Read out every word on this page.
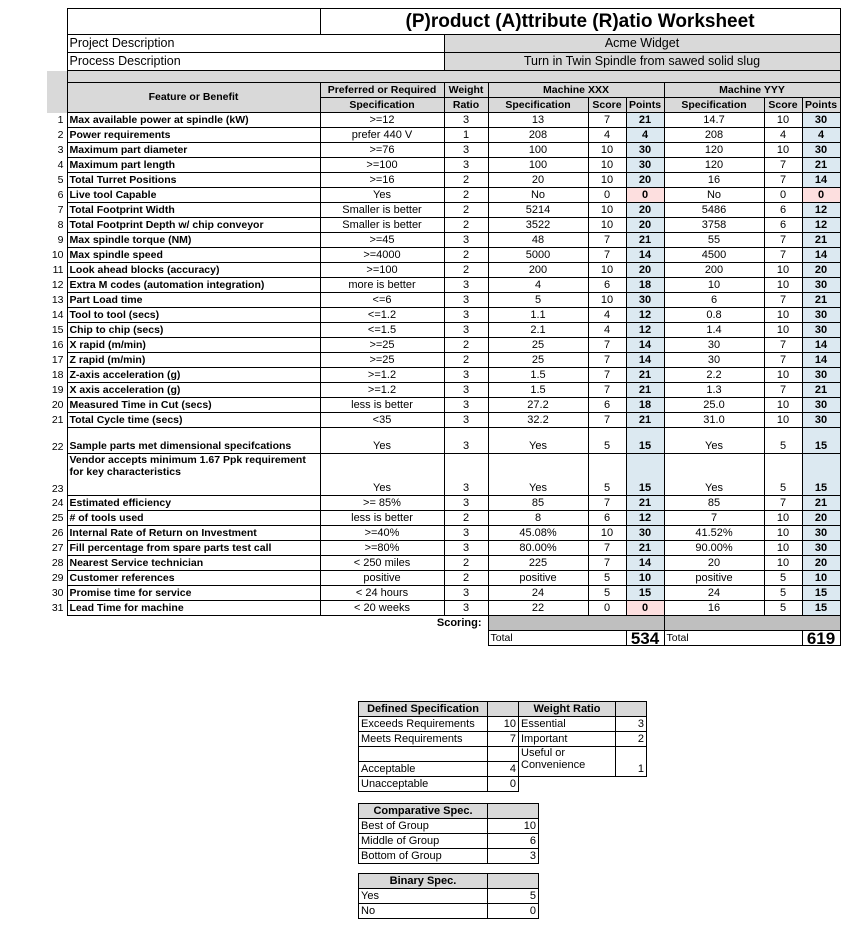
		(P)roduct (A)ttribute (R)atio Worksheet							
	Project Description		Acme Widget						
	Process Description		Turn in Twin Spindle from sawed solid slug						

	Feature or Benefit	Preferred or Required	Weight	Machine XXX			Machine YYY		
		Specification	Ratio	Specification	Score	Points	Specification	Score	Points
1	Max available power at spindle (kW)	>=12	3	13	7	21	14.7	10	30
2	Power requirements	prefer 440 V	1	208	4	4	208	4	4
3	Maximum part diameter	>=76	3	100	10	30	120	10	30
4	Maximum part length	>=100	3	100	10	30	120	7	21
5	Total Turret Positions	>=16	2	20	10	20	16	7	14
6	Live tool Capable	Yes	2	No	0	0	No	0	0
7	Total Footprint Width	Smaller is better	2	5214	10	20	5486	6	12
8	Total Footprint Depth w/ chip conveyor	Smaller is better	2	3522	10	20	3758	6	12
9	Max spindle torque (NM)	>=45	3	48	7	21	55	7	21
10	Max spindle speed	>=4000	2	5000	7	14	4500	7	14
11	Look ahead blocks (accuracy)	>=100	2	200	10	20	200	10	20
12	Extra M codes (automation integration)	more is better	3	4	6	18	10	10	30
13	Part Load time	<=6	3	5	10	30	6	7	21
14	Tool to tool (secs)	<=1.2	3	1.1	4	12	0.8	10	30
15	Chip to chip (secs)	<=1.5	3	2.1	4	12	1.4	10	30
16	X rapid (m/min)	>=25	2	25	7	14	30	7	14
17	Z rapid (m/min)	>=25	2	25	7	14	30	7	14
18	Z-axis acceleration (g)	>=1.2	3	1.5	7	21	2.2	10	30
19	X axis acceleration (g)	>=1.2	3	1.5	7	21	1.3	7	21
20	Measured Time in Cut (secs)	less is better	3	27.2	6	18	25.0	10	30
21	Total Cycle time (secs)	<35	3	32.2	7	21	31.0	10	30
22	Sample parts met dimensional specifcations	Yes	3	Yes	5	15	Yes	5	15
23	Vendor accepts minimum 1.67 Ppk requirement for key characteristics	Yes	3	Yes	5	15	Yes	5	15
24	Estimated efficiency	>= 85%	3	85	7	21	85	7	21
25	# of tools used	less is better	2	8	6	12	7	10	20
26	Internal Rate of Return on Investment	>=40%	3	45.08%	10	30	41.52%	10	30
27	Fill percentage from spare parts test call	>=80%	3	80.00%	7	21	90.00%	10	30
28	Nearest Service technician	< 250 miles	2	225	7	14	20	10	20
29	Customer references	positive	2	positive	5	10	positive	5	10
30	Promise time for service	< 24 hours	3	24	5	15	24	5	15
31	Lead Time for machine	< 20 weeks	3	22	0	0	16	5	15
		Scoring:							
				Total		534	Total		619
Defined Specification		Weight Ratio	
Exceeds Requirements	10	Essential	3
Meets Requirements	7	Important	2
		Useful or Convenience	1
Acceptable	4		
Unacceptable	0		
Comparative Spec.	
Best of Group	10
Middle of Group	6
Bottom of Group	3
Binary Spec.	
Yes	5
No	0
